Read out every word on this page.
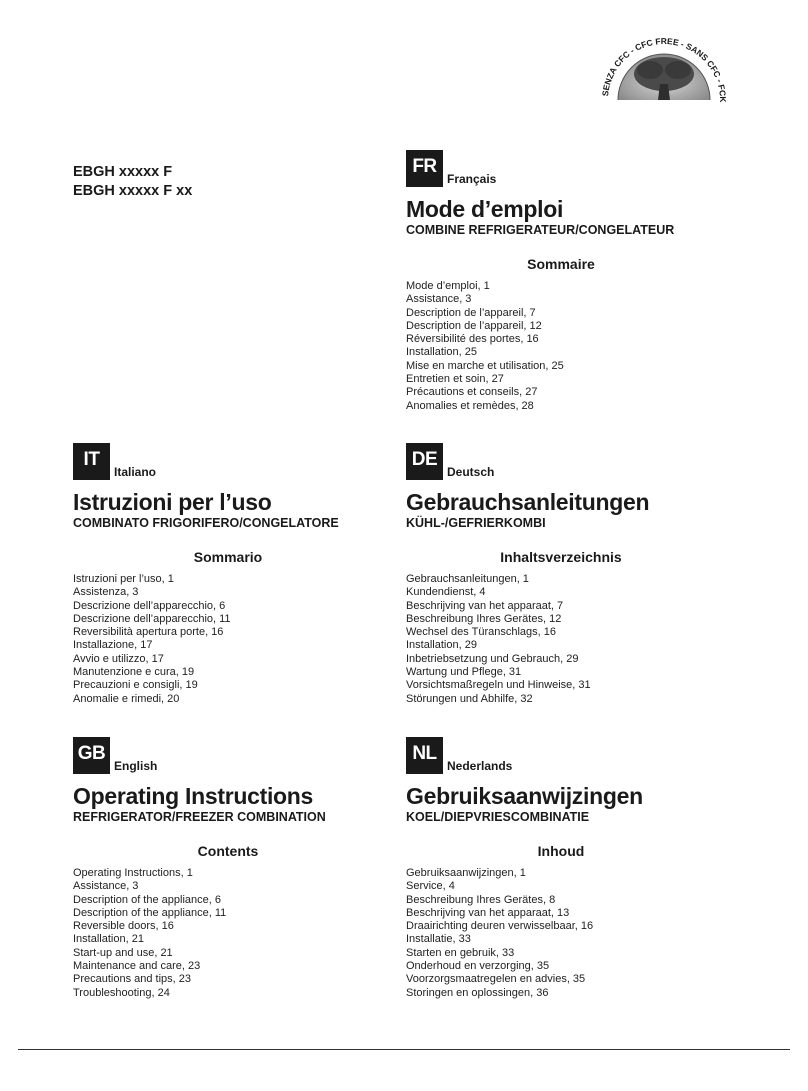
SENZA CFC - CFC FREE - SANS CFC - FCK
EBGH xxxxx F
EBGH xxxxx F xx
FR
Français
Mode d’emploi
COMBINE REFRIGERATEUR/CONGELATEUR
Sommaire
Mode d’emploi, 1
Assistance, 3
Description de l’appareil, 7
Description de l’appareil, 12
Réversibilité des portes, 16
Installation, 25
Mise en marche et utilisation, 25
Entretien et soin, 27
Précautions et conseils, 27
Anomalies et remèdes, 28
IT
Italiano
Istruzioni per l’uso
COMBINATO FRIGORIFERO/CONGELATORE
Sommario
Istruzioni per l’uso, 1
Assistenza, 3
Descrizione dell’apparecchio, 6
Descrizione dell’apparecchio, 11
Reversibilità apertura porte, 16
Installazione, 17
Avvio e utilizzo, 17
Manutenzione e cura, 19
Precauzioni e consigli, 19
Anomalie e rimedi, 20
DE
Deutsch
Gebrauchsanleitungen
KÜHL-/GEFRIERKOMBI
Inhaltsverzeichnis
Gebrauchsanleitungen, 1
Kundendienst, 4
Beschrijving van het apparaat, 7
Beschreibung Ihres Gerätes, 12
Wechsel des Türanschlags, 16
Installation, 29
Inbetriebsetzung und Gebrauch, 29
Wartung und Pflege, 31
Vorsichtsmaßregeln und Hinweise, 31
Störungen und Abhilfe, 32
GB
English
Operating Instructions
REFRIGERATOR/FREEZER COMBINATION
Contents
Operating Instructions, 1
Assistance, 3
Description of the appliance, 6
Description of the appliance, 11
Reversible doors, 16
Installation, 21
Start-up and use, 21
Maintenance and care, 23
Precautions and tips, 23
Troubleshooting, 24
NL
Nederlands
Gebruiksaanwijzingen
KOEL/DIEPVRIESCOMBINATIE
Inhoud
Gebruiksaanwijzingen, 1
Service, 4
Beschreibung Ihres Gerätes, 8
Beschrijving van het apparaat, 13
Draairichting deuren verwisselbaar, 16
Installatie, 33
Starten en gebruik, 33
Onderhoud en verzorging, 35
Voorzorgsmaatregelen en advies, 35
Storingen en oplossingen, 36
